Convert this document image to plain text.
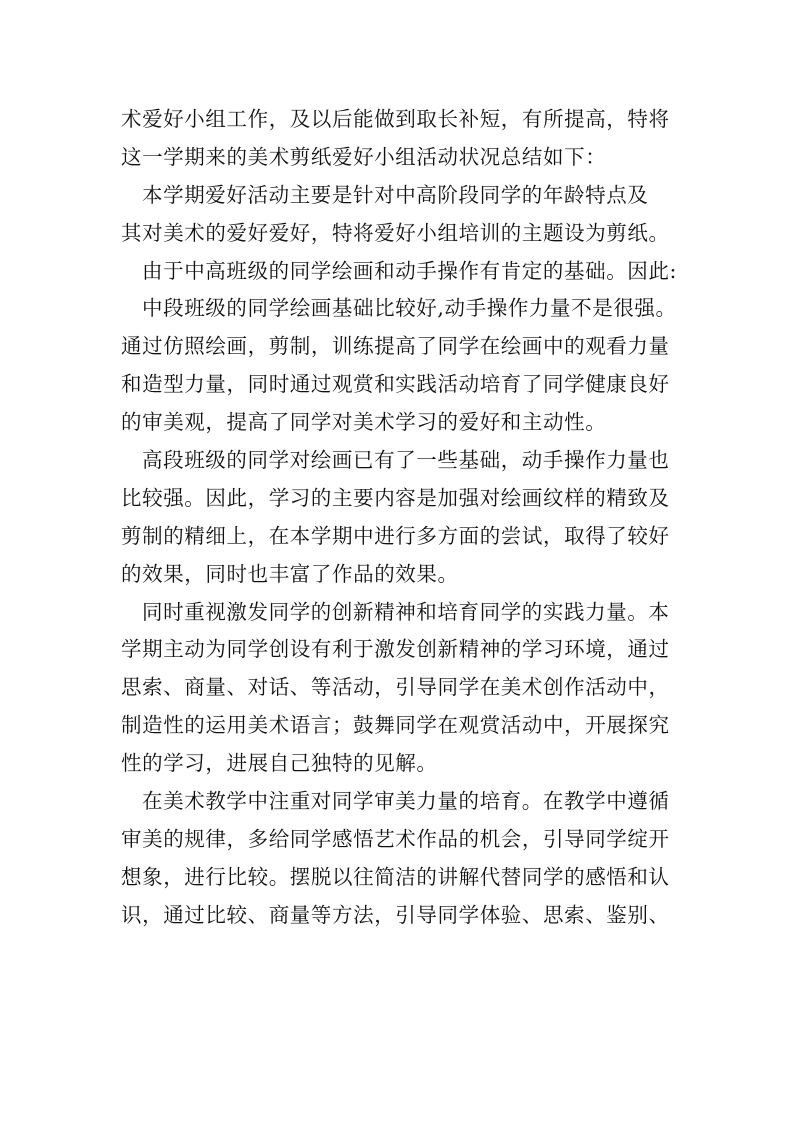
术爱好小组工作，及以后能做到取长补短，有所提高，特将
这一学期来的美术剪纸爱好小组活动状况总结如下：
本学期爱好活动主要是针对中高阶段同学的年龄特点及
其对美术的爱好爱好，特将爱好小组培训的主题设为剪纸。
由于中高班级的同学绘画和动手操作有肯定的基础。因此:
中段班级的同学绘画基础比较好,动手操作力量不是很强。
通过仿照绘画，剪制，训练提高了同学在绘画中的观看力量
和造型力量，同时通过观赏和实践活动培育了同学健康良好
的审美观，提高了同学对美术学习的爱好和主动性。
高段班级的同学对绘画已有了一些基础，动手操作力量也
比较强。因此，学习的主要内容是加强对绘画纹样的精致及
剪制的精细上，在本学期中进行多方面的尝试，取得了较好
的效果，同时也丰富了作品的效果。
同时重视激发同学的创新精神和培育同学的实践力量。本
学期主动为同学创设有利于激发创新精神的学习环境，通过
思索、商量、对话、等活动，引导同学在美术创作活动中，
制造性的运用美术语言；鼓舞同学在观赏活动中，开展探究
性的学习，进展自己独特的见解。
在美术教学中注重对同学审美力量的培育。在教学中遵循
审美的规律，多给同学感悟艺术作品的机会，引导同学绽开
想象，进行比较。摆脱以往简洁的讲解代替同学的感悟和认
识，通过比较、商量等方法，引导同学体验、思索、鉴别、
